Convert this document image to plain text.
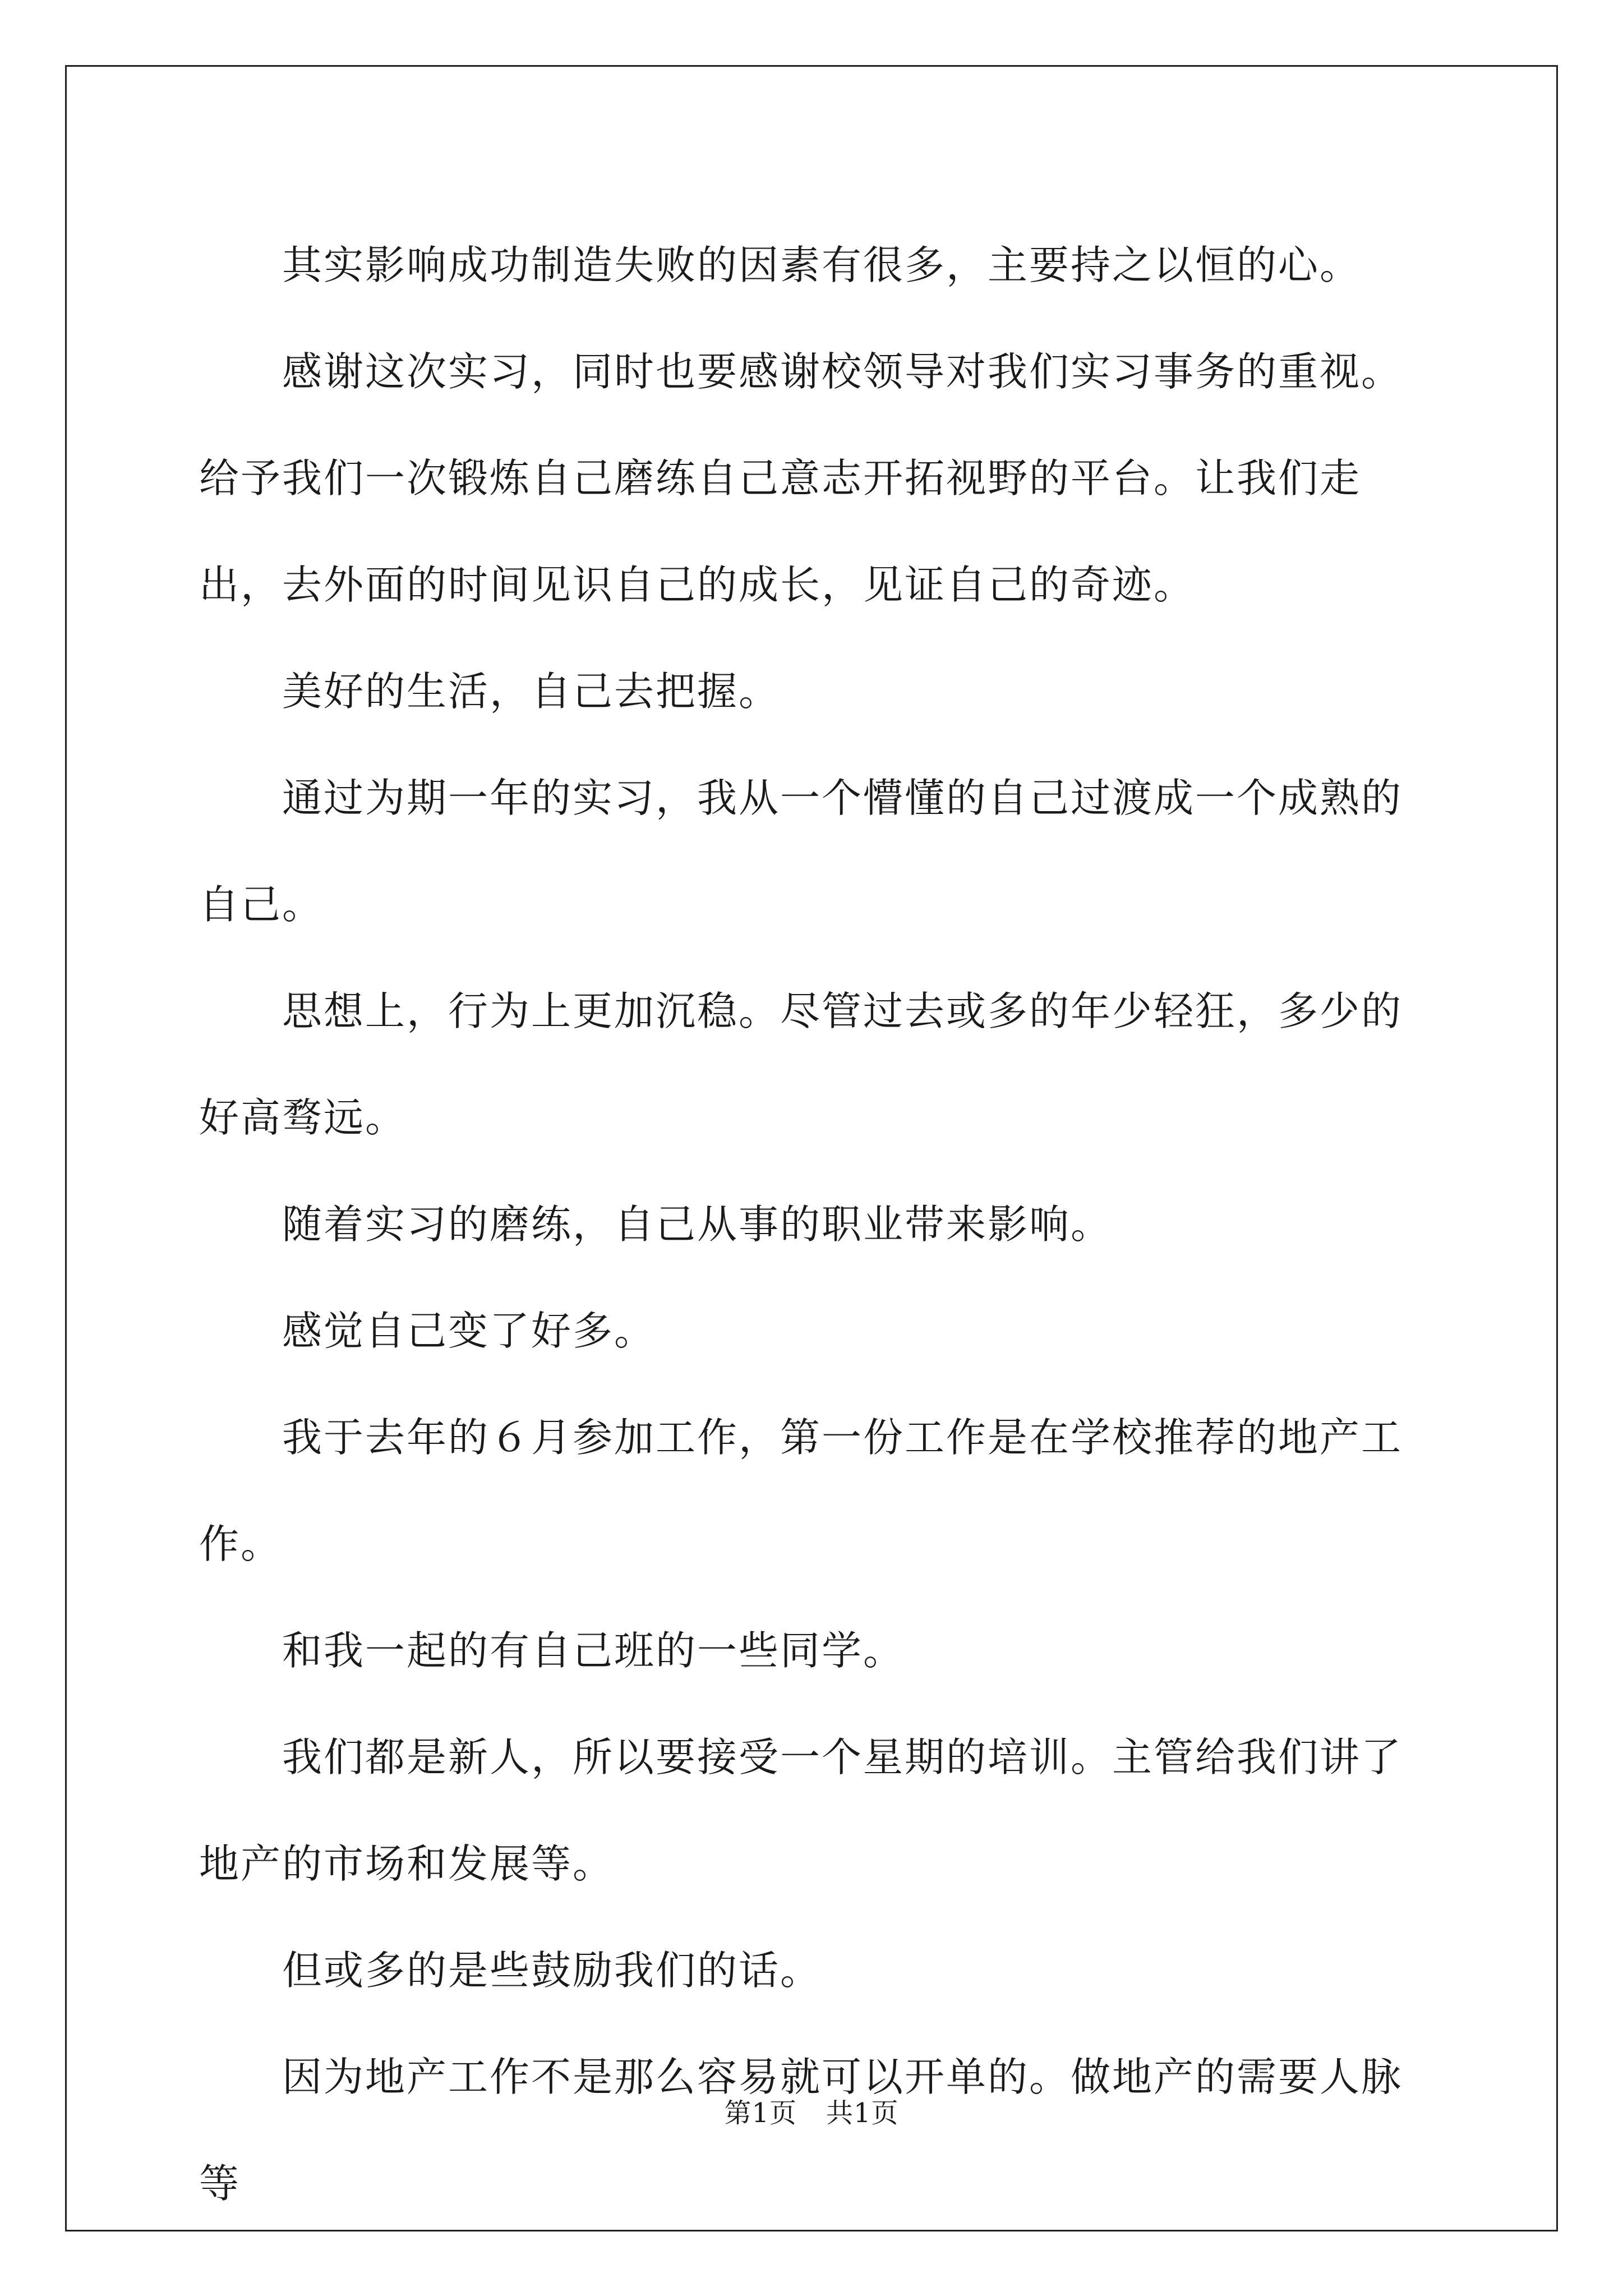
其实影响成功制造失败的因素有很多，主要持之以恒的心。

感谢这次实习，同时也要感谢校领导对我们实习事务的重视。给予我们一次锻炼自己磨练自己意志开拓视野的平台。让我们走出，去外面的时间见识自己的成长，见证自己的奇迹。

美好的生活，自己去把握。

通过为期一年的实习，我从一个懵懂的自己过渡成一个成熟的自己。

思想上，行为上更加沉稳。尽管过去或多的年少轻狂，多少的好高骛远。

随着实习的磨练，自己从事的职业带来影响。

感觉自己变了好多。

我于去年的６月参加工作，第一份工作是在学校推荐的地产工作。

和我一起的有自己班的一些同学。

我们都是新人，所以要接受一个星期的培训。主管给我们讲了地产的市场和发展等。

但或多的是些鼓励我们的话。

因为地产工作不是那么容易就可以开单的。做地产的需要人脉等

第1页 共1页
